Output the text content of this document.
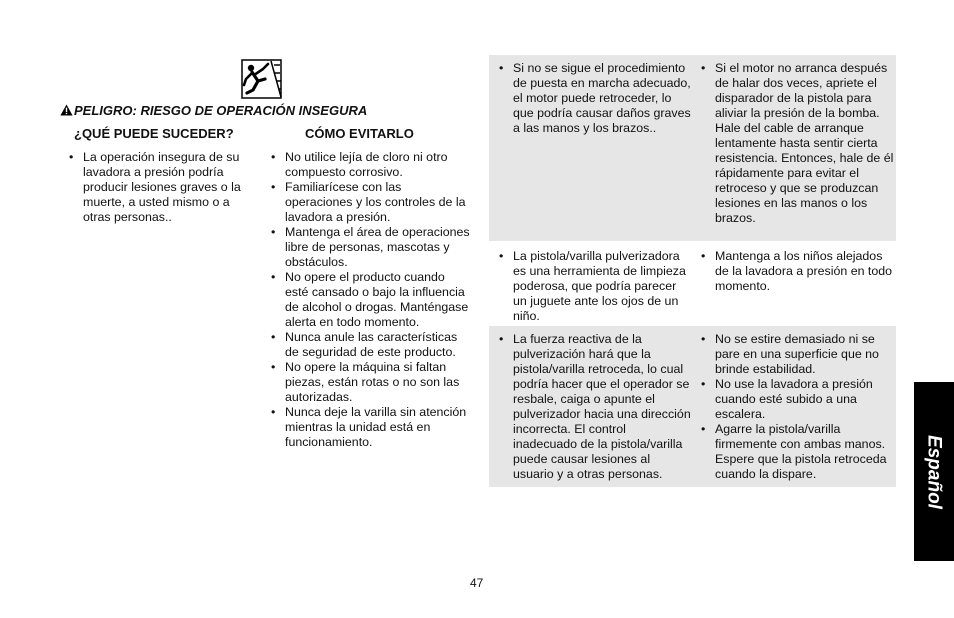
PELIGRO: RIESGO DE OPERACIÓN INSEGURA
¿QUÉ PUEDE SUCEDER?	CÓMO EVITARLO
• La operación insegura de su lavadora a presión podría producir lesiones graves o la muerte, a usted mismo o a otras personas..
• No utilice lejía de cloro ni otro compuesto corrosivo.
• Familiarícese con las operaciones y los controles de la lavadora a presión.
• Mantenga el área de operaciones libre de personas, mascotas y obstáculos.
• No opere el producto cuando esté cansado o bajo la influencia de alcohol o drogas. Manténgase alerta en todo momento.
• Nunca anule las características de seguridad de este producto.
• No opere la máquina si faltan piezas, están rotas o no son las autorizadas.
• Nunca deje la varilla sin atención mientras la unidad está en funcionamiento.
• Si no se sigue el procedimiento de puesta en marcha adecuado, el motor puede retroceder, lo que podría causar daños graves a las manos y los brazos..
• Si el motor no arranca después de halar dos veces, apriete el disparador de la pistola para aliviar la presión de la bomba. Hale del cable de arranque lentamente hasta sentir cierta resistencia. Entonces, hale de él rápidamente para evitar el retroceso y que se produzcan lesiones en las manos o los brazos.
• La pistola/varilla pulverizadora es una herramienta de limpieza poderosa, que podría parecer un juguete ante los ojos de un niño.
• Mantenga a los niños alejados de la lavadora a presión en todo momento.
• La fuerza reactiva de la pulverización hará que la pistola/varilla retroceda, lo cual podría hacer que el operador se resbale, caiga o apunte el pulverizador hacia una dirección incorrecta. El control inadecuado de la pistola/varilla puede causar lesiones al usuario y a otras personas.
• No se estire demasiado ni se pare en una superficie que no brinde estabilidad.
• No use la lavadora a presión cuando esté subido a una escalera.
• Agarre la pistola/varilla firmemente con ambas manos. Espere que la pistola retroceda cuando la dispare.	Español
47
